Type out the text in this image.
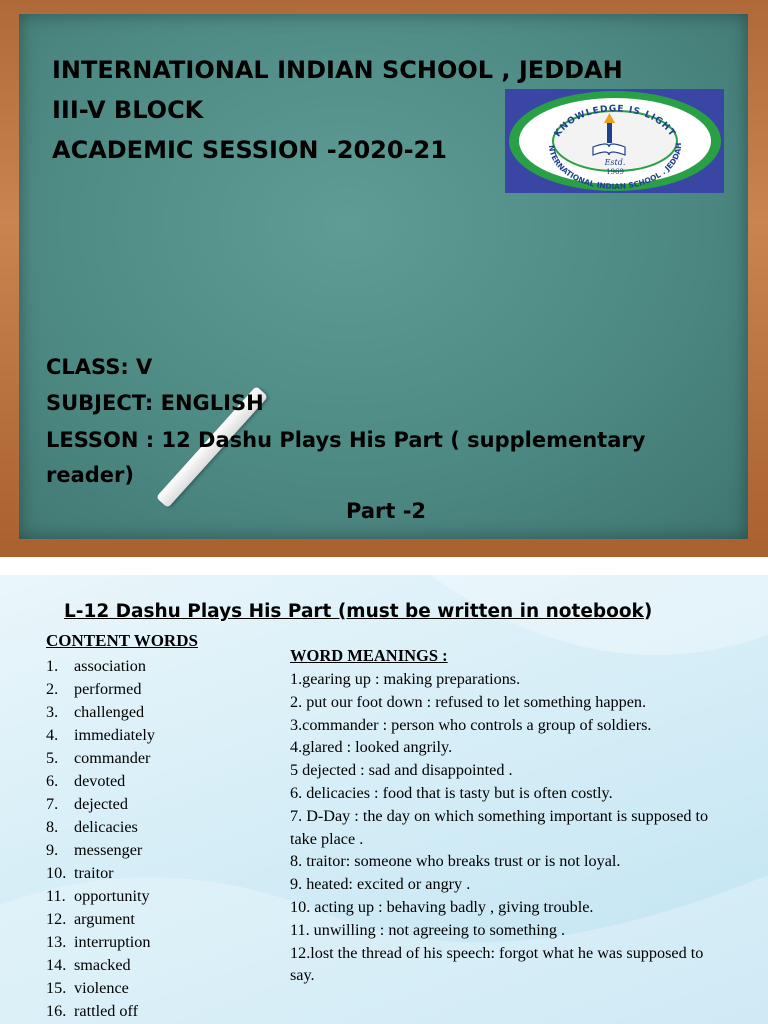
INTERNATIONAL INDIAN SCHOOL , JEDDAH

III-V BLOCK

ACADEMIC SESSION -2020-21

CLASS: V

SUBJECT: ENGLISH

LESSON : 12 Dashu Plays His Part ( supplementary

reader)

Part -2

KNOWLEDGE IS LIGHT
NTERNATIONAL INDIAN SCHOOL . JEDDAH
Estd.
1969

L-12 Dashu Plays His Part (must be written in notebook)

CONTENT WORDS

1. association
2. performed
3. challenged
4. immediately
5. commander
6. devoted
7. dejected
8. delicacies
9. messenger
10. traitor
11. opportunity
12. argument
13. interruption
14. smacked
15. violence
16. rattled off

WORD MEANINGS :

1.gearing up : making preparations.

2. put our foot down : refused to let something happen.

3.commander : person who controls a group of soldiers.

4.glared : looked angrily.

5 dejected : sad and disappointed .

6. delicacies : food that is tasty but is often costly.

7. D-Day : the day on which something important is supposed to take place .

8. traitor: someone who breaks trust or is not loyal.

9. heated: excited or angry .

10. acting up : behaving badly , giving trouble.

11. unwilling : not agreeing to something .

12.lost the thread of his speech: forgot what he was supposed to say.
